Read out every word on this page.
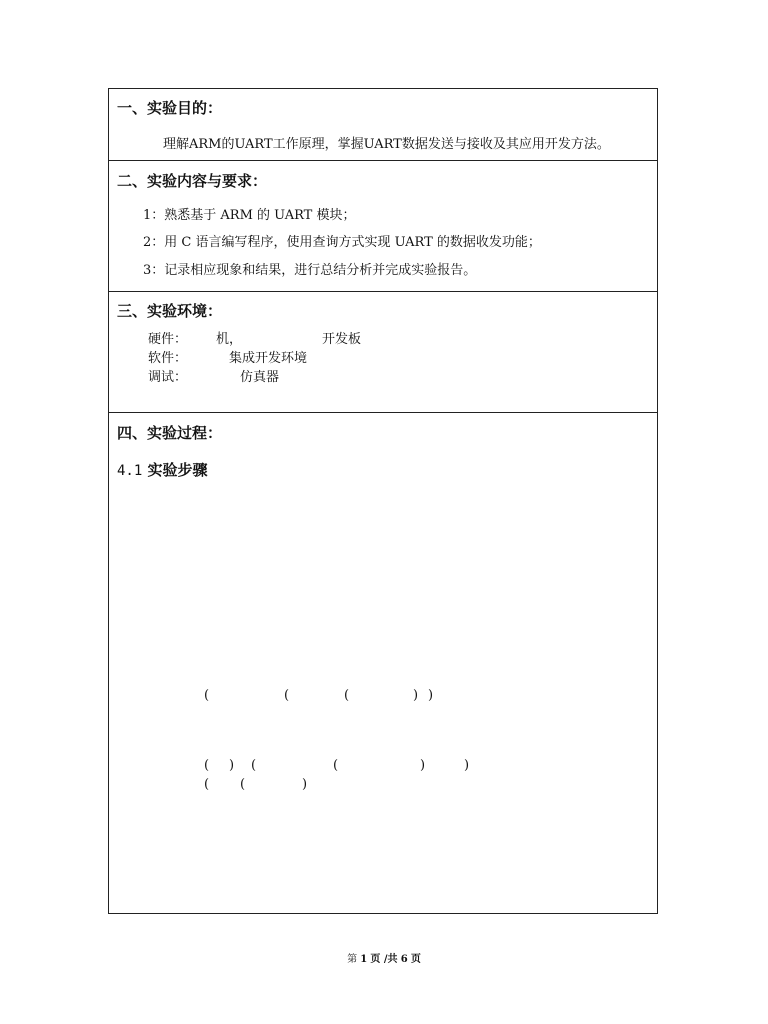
一、实验目的：
理解ARM的UART工作原理，掌握UART数据发送与接收及其应用开发方法。
二、实验内容与要求：
1：熟悉基于 ARM 的 UART 模块；
2：用 C 语言编写程序，使用查询方式实现 UART 的数据收发功能；
3：记录相应现象和结果，进行总结分析并完成实验报告。
三、实验环境：
硬件： 机，	开发板
软件：	集成开发环境
调试：	仿真器
四、实验过程：
4.1 实验步骤
(	(	(	) )
( ) (	(	)	)
( (	)
第 1 页 /共 6 页
